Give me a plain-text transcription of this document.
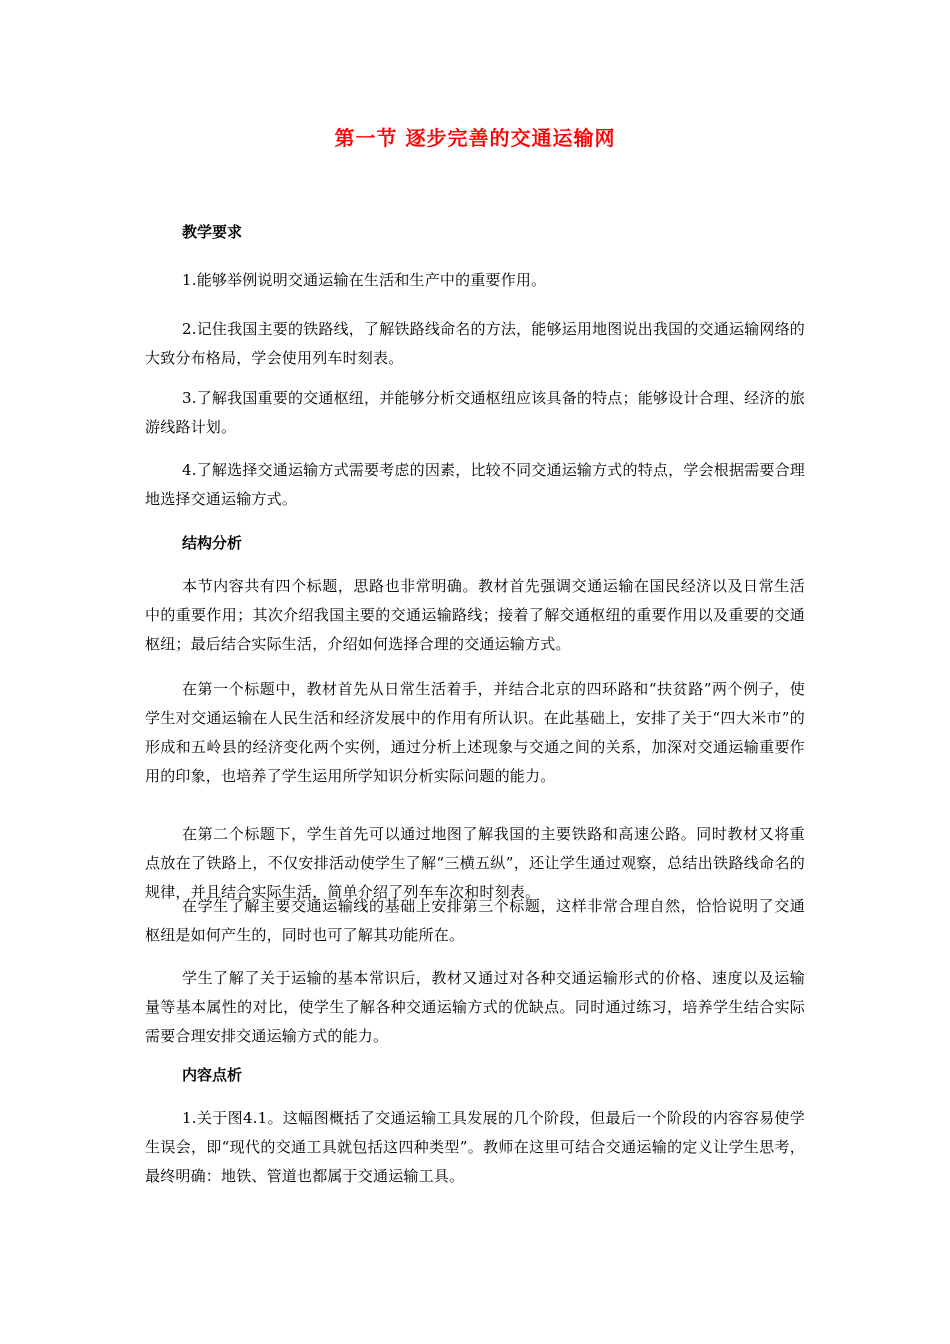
第一节 逐步完善的交通运输网
教学要求

1.能够举例说明交通运输在生活和生产中的重要作用。

2.记住我国主要的铁路线，了解铁路线命名的方法，能够运用地图说出我国的交通运输网络的大致分布格局，学会使用列车时刻表。

3.了解我国重要的交通枢纽，并能够分析交通枢纽应该具备的特点；能够设计合理、经济的旅游线路计划。

4.了解选择交通运输方式需要考虑的因素，比较不同交通运输方式的特点，学会根据需要合理地选择交通运输方式。

结构分析

本节内容共有四个标题，思路也非常明确。教材首先强调交通运输在国民经济以及日常生活中的重要作用；其次介绍我国主要的交通运输路线；接着了解交通枢纽的重要作用以及重要的交通枢纽；最后结合实际生活，介绍如何选择合理的交通运输方式。

在第一个标题中，教材首先从日常生活着手，并结合北京的四环路和“扶贫路”两个例子，使学生对交通运输在人民生活和经济发展中的作用有所认识。在此基础上，安排了关于“四大米市”的形成和五岭县的经济变化两个实例，通过分析上述现象与交通之间的关系，加深对交通运输重要作用的印象，也培养了学生运用所学知识分析实际问题的能力。

在第二个标题下，学生首先可以通过地图了解我国的主要铁路和高速公路。同时教材又将重点放在了铁路上，不仅安排活动使学生了解“三横五纵”，还让学生通过观察，总结出铁路线命名的规律，并且结合实际生活，简单介绍了列车车次和时刻表。

在学生了解主要交通运输线的基础上安排第三个标题，这样非常合理自然，恰恰说明了交通枢纽是如何产生的，同时也可了解其功能所在。

学生了解了关于运输的基本常识后，教材又通过对各种交通运输形式的价格、速度以及运输量等基本属性的对比，使学生了解各种交通运输方式的优缺点。同时通过练习，培养学生结合实际需要合理安排交通运输方式的能力。

内容点析

1.关于图4.1。这幅图概括了交通运输工具发展的几个阶段，但最后一个阶段的内容容易使学生误会，即“现代的交通工具就包括这四种类型”。教师在这里可结合交通运输的定义让学生思考，最终明确：地铁、管道也都属于交通运输工具。
